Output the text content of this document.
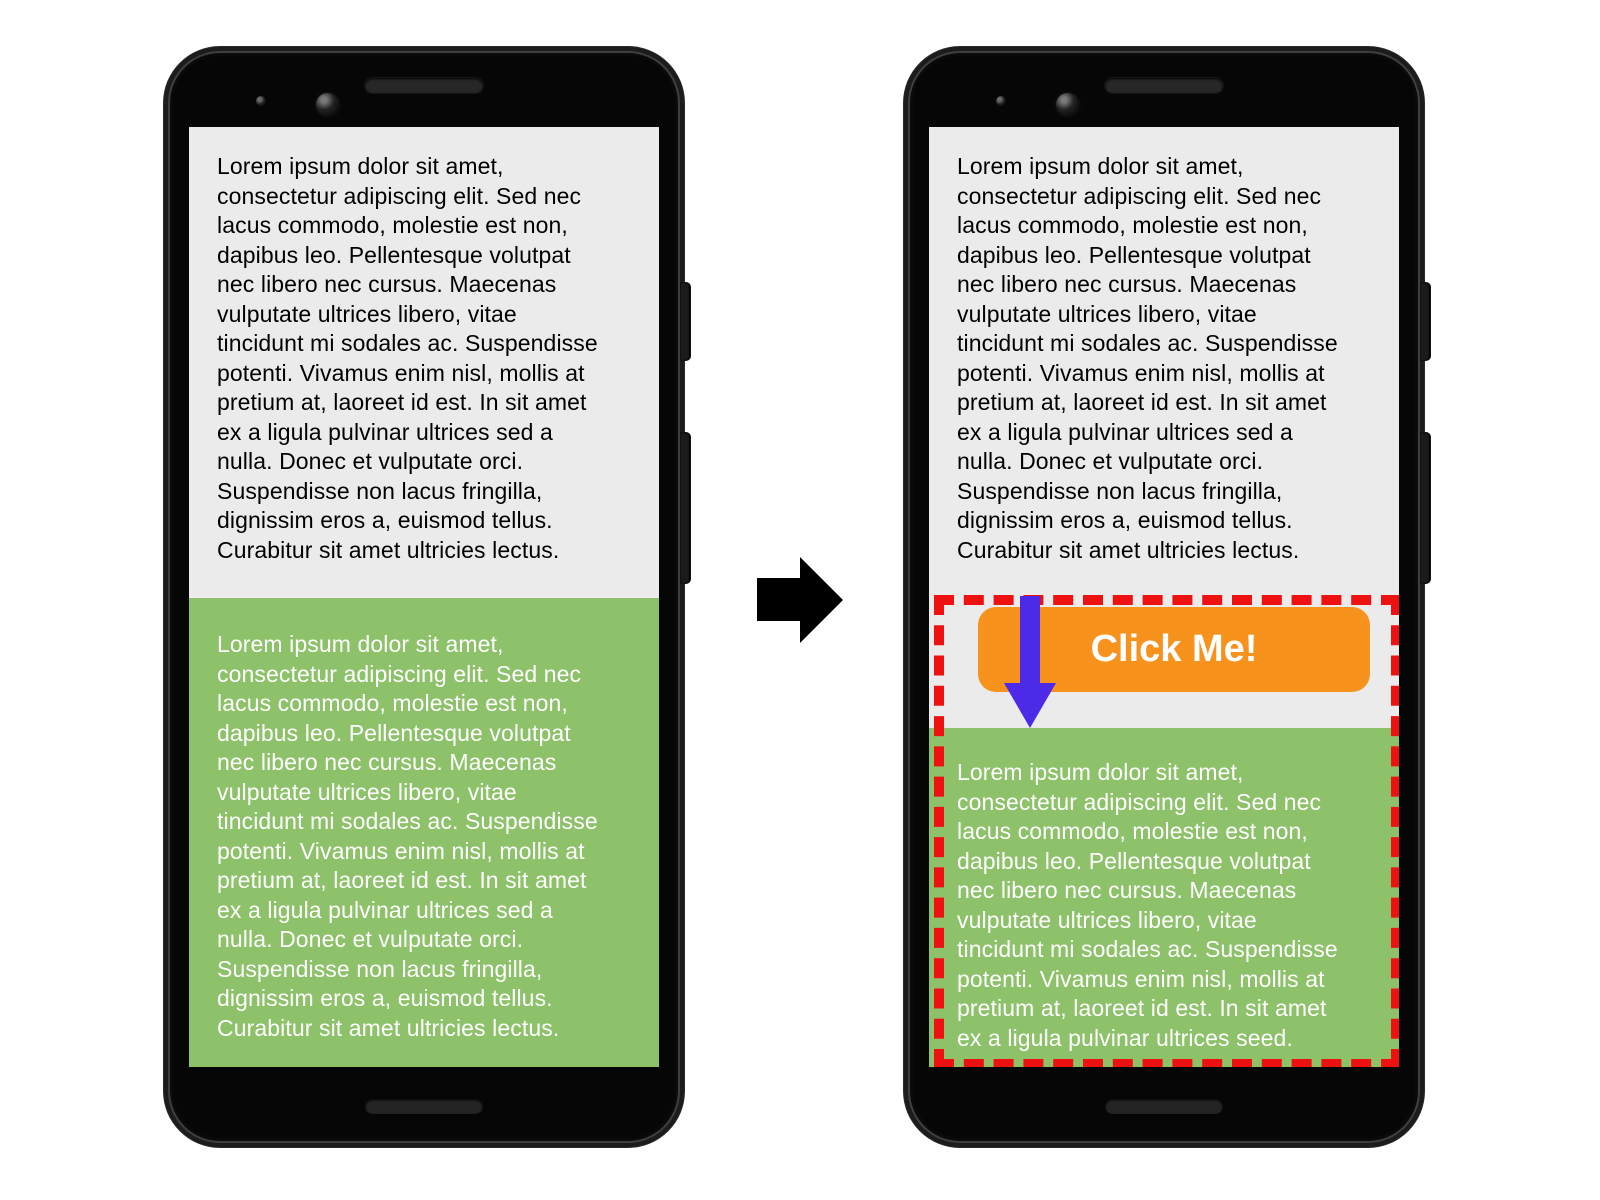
Lorem ipsum dolor sit amet,
consectetur adipiscing elit. Sed nec
lacus commodo, molestie est non,
dapibus leo. Pellentesque volutpat
nec libero nec cursus. Maecenas
vulputate ultrices libero, vitae
tincidunt mi sodales ac. Suspendisse
potenti. Vivamus enim nisl, mollis at
pretium at, laoreet id est. In sit amet
ex a ligula pulvinar ultrices sed a
nulla. Donec et vulputate orci.
Suspendisse non lacus fringilla,
dignissim eros a, euismod tellus.
Curabitur sit amet ultricies lectus.
Lorem ipsum dolor sit amet,
consectetur adipiscing elit. Sed nec
lacus commodo, molestie est non,
dapibus leo. Pellentesque volutpat
nec libero nec cursus. Maecenas
vulputate ultrices libero, vitae
tincidunt mi sodales ac. Suspendisse
potenti. Vivamus enim nisl, mollis at
pretium at, laoreet id est. In sit amet
ex a ligula pulvinar ultrices sed a
nulla. Donec et vulputate orci.
Suspendisse non lacus fringilla,
dignissim eros a, euismod tellus.
Curabitur sit amet ultricies lectus.
Lorem ipsum dolor sit amet,
consectetur adipiscing elit. Sed nec
lacus commodo, molestie est non,
dapibus leo. Pellentesque volutpat
nec libero nec cursus. Maecenas
vulputate ultrices libero, vitae
tincidunt mi sodales ac. Suspendisse
potenti. Vivamus enim nisl, mollis at
pretium at, laoreet id est. In sit amet
ex a ligula pulvinar ultrices sed a
nulla. Donec et vulputate orci.
Suspendisse non lacus fringilla,
dignissim eros a, euismod tellus.
Curabitur sit amet ultricies lectus.
Lorem ipsum dolor sit amet,
consectetur adipiscing elit. Sed nec
lacus commodo, molestie est non,
dapibus leo. Pellentesque volutpat
nec libero nec cursus. Maecenas
vulputate ultrices libero, vitae
tincidunt mi sodales ac. Suspendisse
potenti. Vivamus enim nisl, mollis at
pretium at, laoreet id est. In sit amet
ex a ligula pulvinar ultrices seed.
Click Me!
